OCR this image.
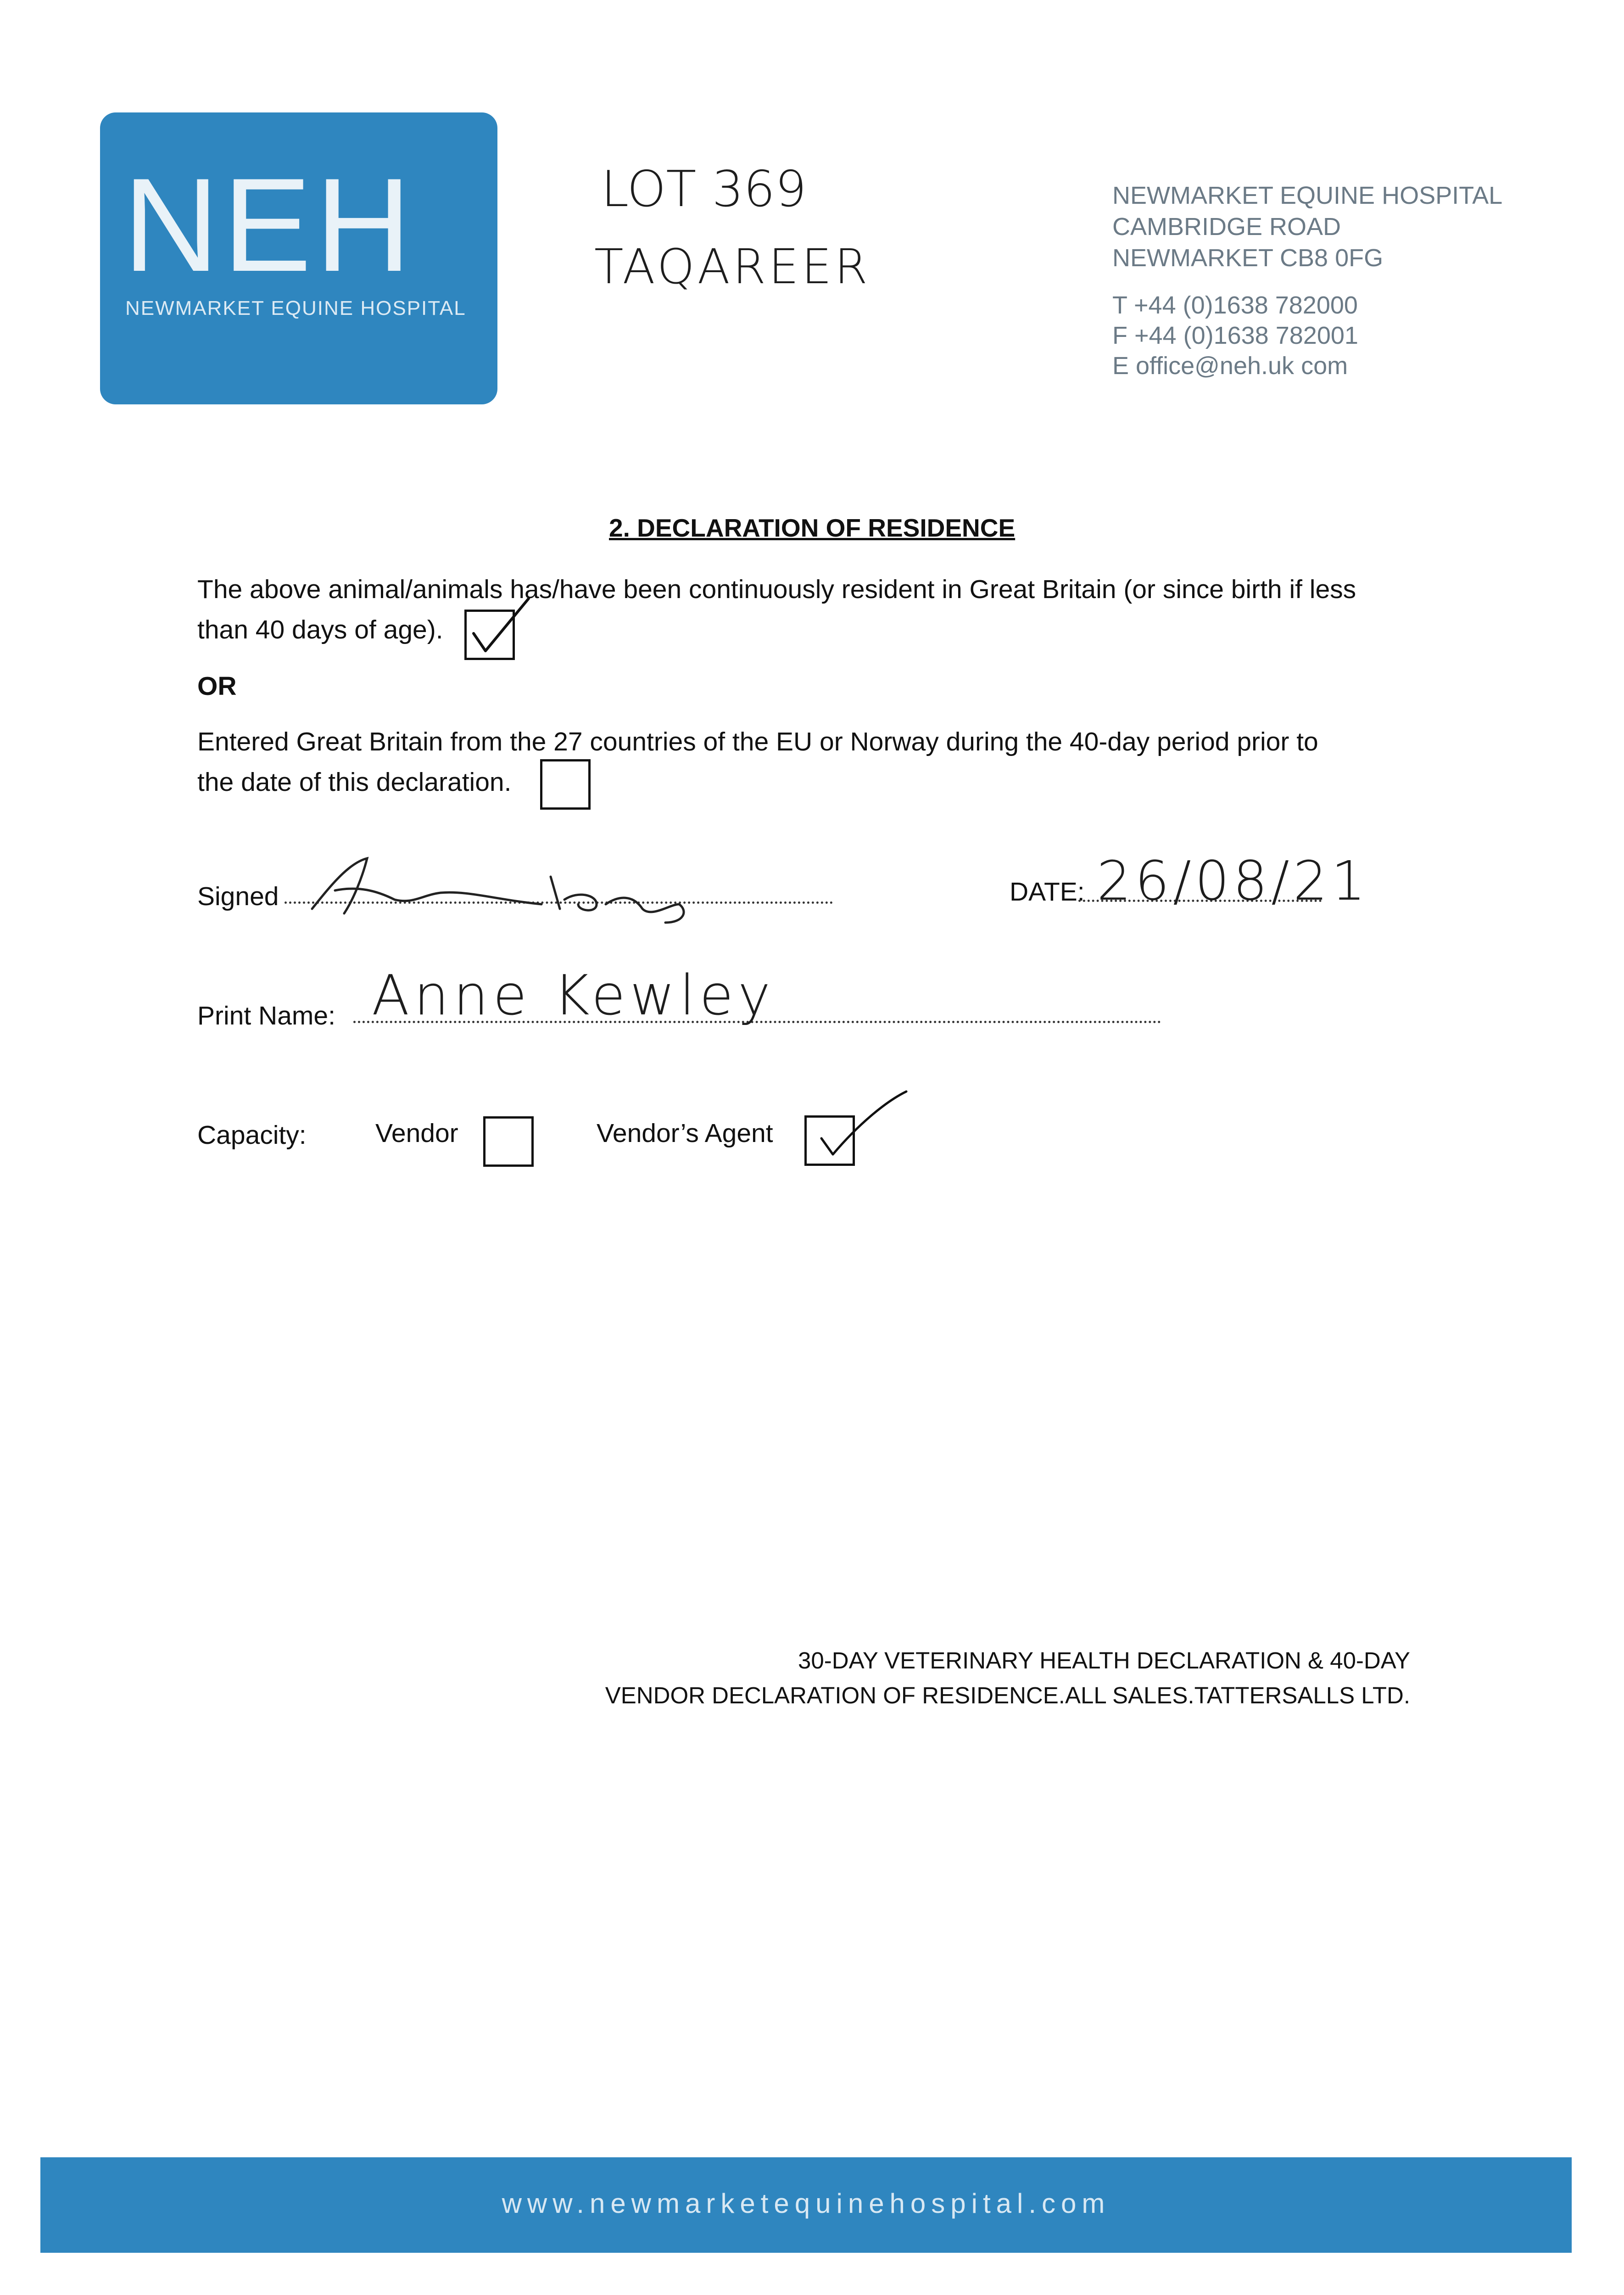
NEH
NEWMARKET EQUINE HOSPITAL
LOT 369
TAQAREER
NEWMARKET EQUINE HOSPITAL
CAMBRIDGE ROAD
NEWMARKET CB8 0FG
T +44 (0)1638 782000
F +44 (0)1638 782001
E office@neh.uk com
2. DECLARATION OF RESIDENCE
The above animal/animals has/have been continuously resident in Great Britain (or since birth if less
than 40 days of age).
OR
Entered Great Britain from the 27 countries of the EU or Norway during the 40-day period prior to
the date of this declaration.
Signed	DATE: 26/08/21
Print Name: Anne Kewley
Capacity:	Vendor	Vendor’s Agent
30-DAY VETERINARY HEALTH DECLARATION & 40-DAY
VENDOR DECLARATION OF RESIDENCE.ALL SALES.TATTERSALLS LTD.
www.newmarketequinehospital.com
